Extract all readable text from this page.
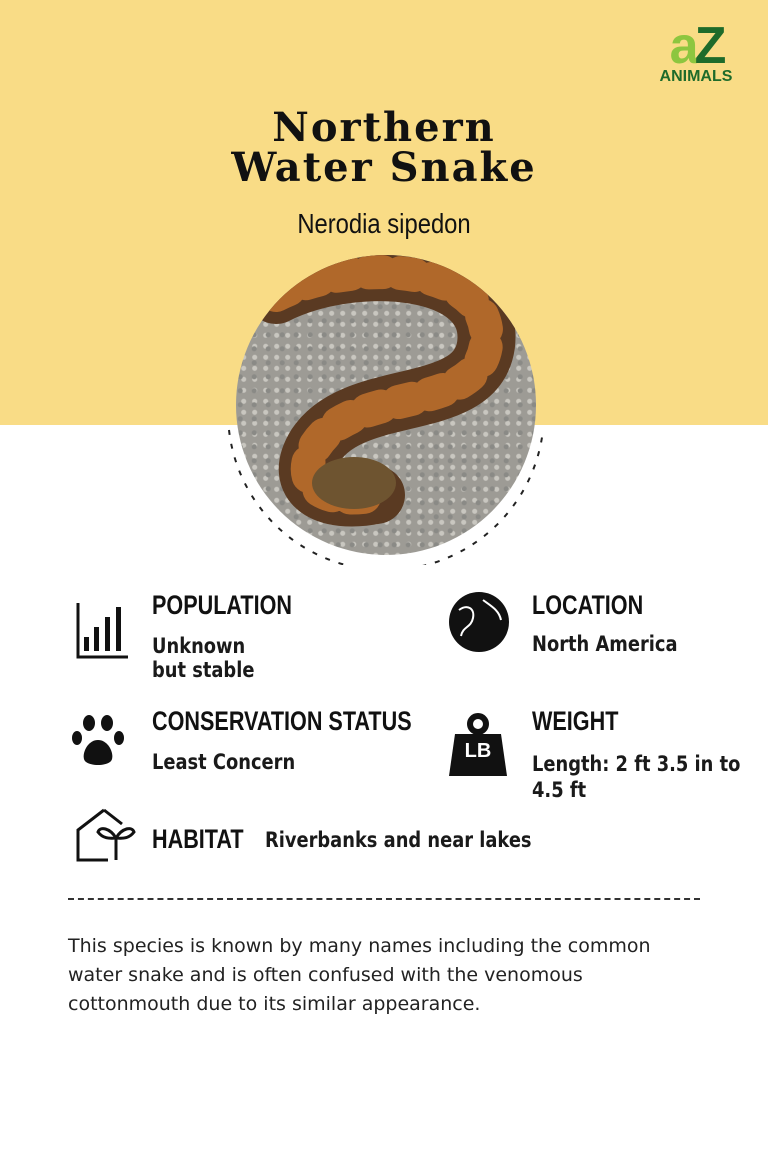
aZ
ANIMALS
Northern
Water Snake
Nerodia sipedon
POPULATION
Unknown
but stable
LOCATION
North America
CONSERVATION STATUS
Least Concern	LB
WEIGHT
Length: 2 ft 3.5 in to
4.5 ft
HABITAT Riverbanks and near lakes
This species is known by many names including the common water snake and is often confused with the venomous cottonmouth due to its similar appearance.
